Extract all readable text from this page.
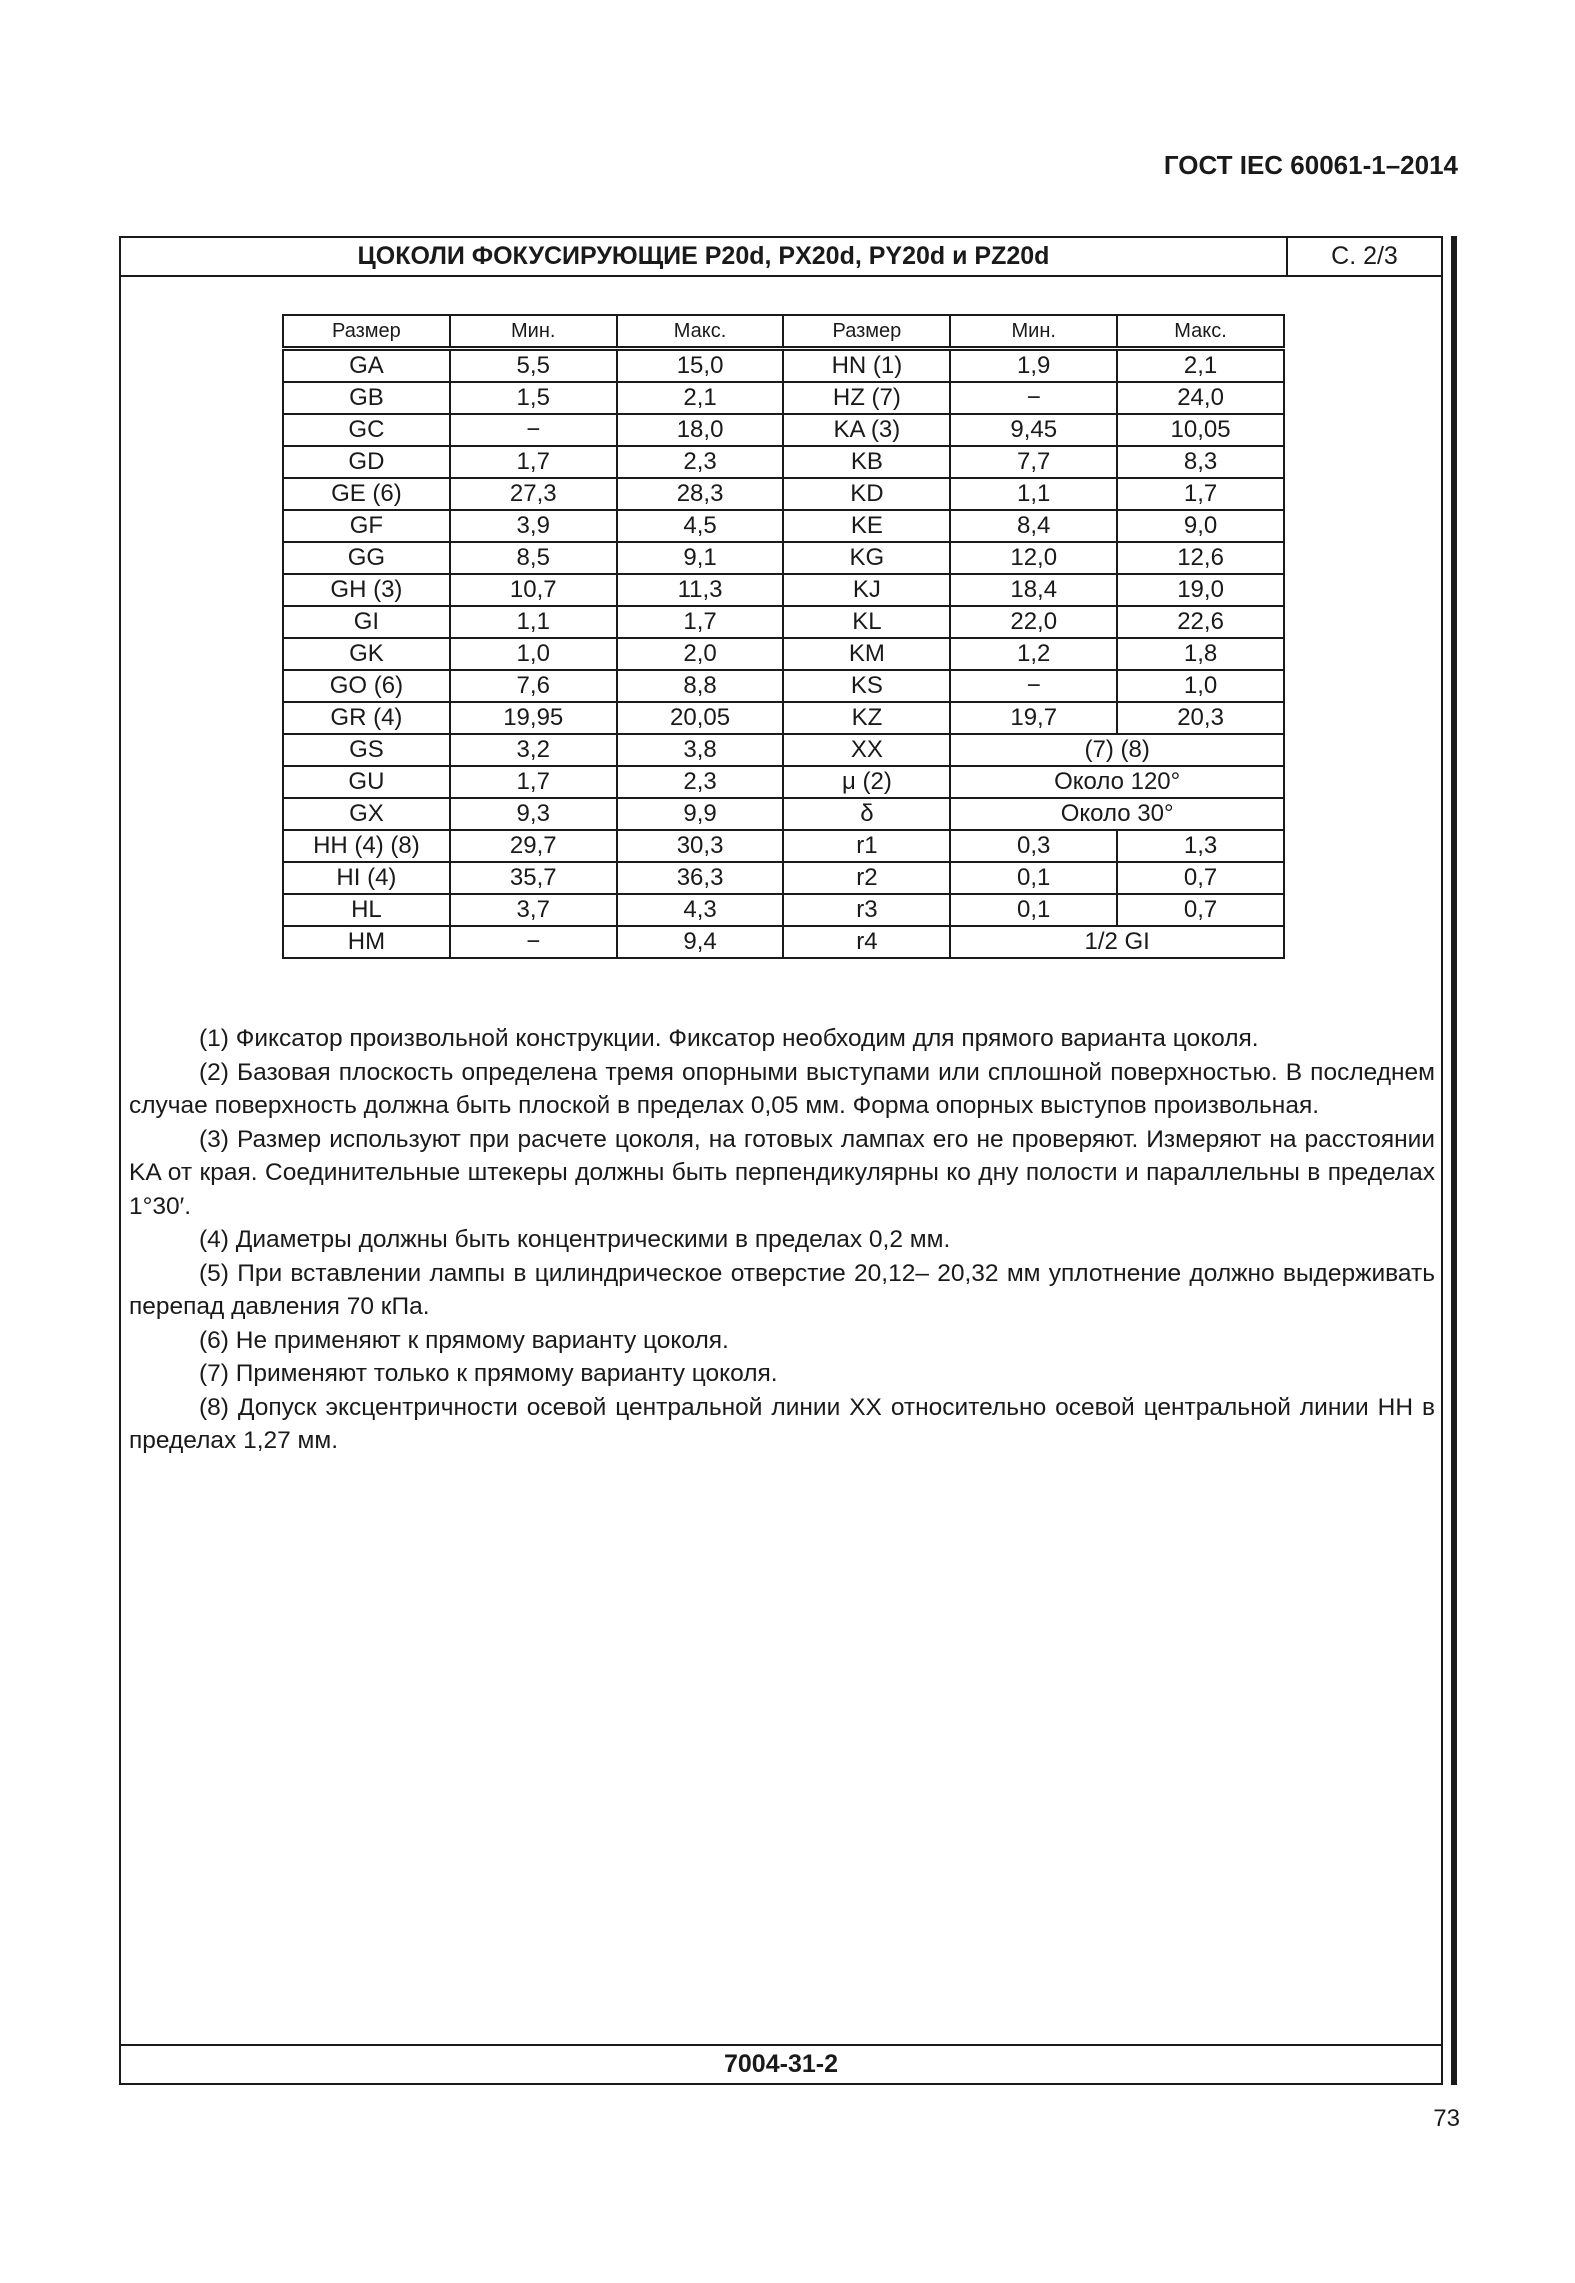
ГОСТ IEC 60061-1–2014
ЦОКОЛИ ФОКУСИРУЮЩИЕ P20d, PX20d, PY20d и PZ20d	С. 2/3
Размер	Мин.	Макс.	Размер	Мин.	Макс.
GA	5,5	15,0	HN (1)	1,9	2,1
GB	1,5	2,1	HZ (7)	−	24,0
GC	−	18,0	KA (3)	9,45	10,05
GD	1,7	2,3	KB	7,7	8,3
GE (6)	27,3	28,3	KD	1,1	1,7
GF	3,9	4,5	KE	8,4	9,0
GG	8,5	9,1	KG	12,0	12,6
GH (3)	10,7	11,3	KJ	18,4	19,0
GI	1,1	1,7	KL	22,0	22,6
GK	1,0	2,0	KM	1,2	1,8
GO (6)	7,6	8,8	KS	−	1,0
GR (4)	19,95	20,05	KZ	19,7	20,3
GS	3,2	3,8	XX	(7) (8)	
GU	1,7	2,3	μ (2)	Около 120°	
GX	9,3	9,9	δ	Около 30°	
HH (4) (8)	29,7	30,3	r1	0,3	1,3
HI (4)	35,7	36,3	r2	0,1	0,7
HL	3,7	4,3	r3	0,1	0,7
HM	−	9,4	r4	1/2 GI	

(1) Фиксатор произвольной конструкции. Фиксатор необходим для прямого варианта цоколя.

(2) Базовая плоскость определена тремя опорными выступами или сплошной поверхностью. В последнем случае поверхность должна быть плоской в пределах 0,05 мм. Форма опорных выступов произвольная.

(3) Размер используют при расчете цоколя, на готовых лампах его не проверяют. Измеряют на расстоянии KA от края. Соединительные штекеры должны быть перпендикулярны ко дну полости и параллельны в пределах 1°30′.

(4) Диаметры должны быть концентрическими в пределах 0,2 мм.

(5) При вставлении лампы в цилиндрическое отверстие 20,12– 20,32 мм уплотнение должно выдерживать перепад давления 70 кПа.

(6) Не применяют к прямому варианту цоколя.

(7) Применяют только к прямому варианту цоколя.

(8) Допуск эксцентричности осевой центральной линии XX относительно осевой центральной линии HH в пределах 1,27 мм.

7004-31-2
73
